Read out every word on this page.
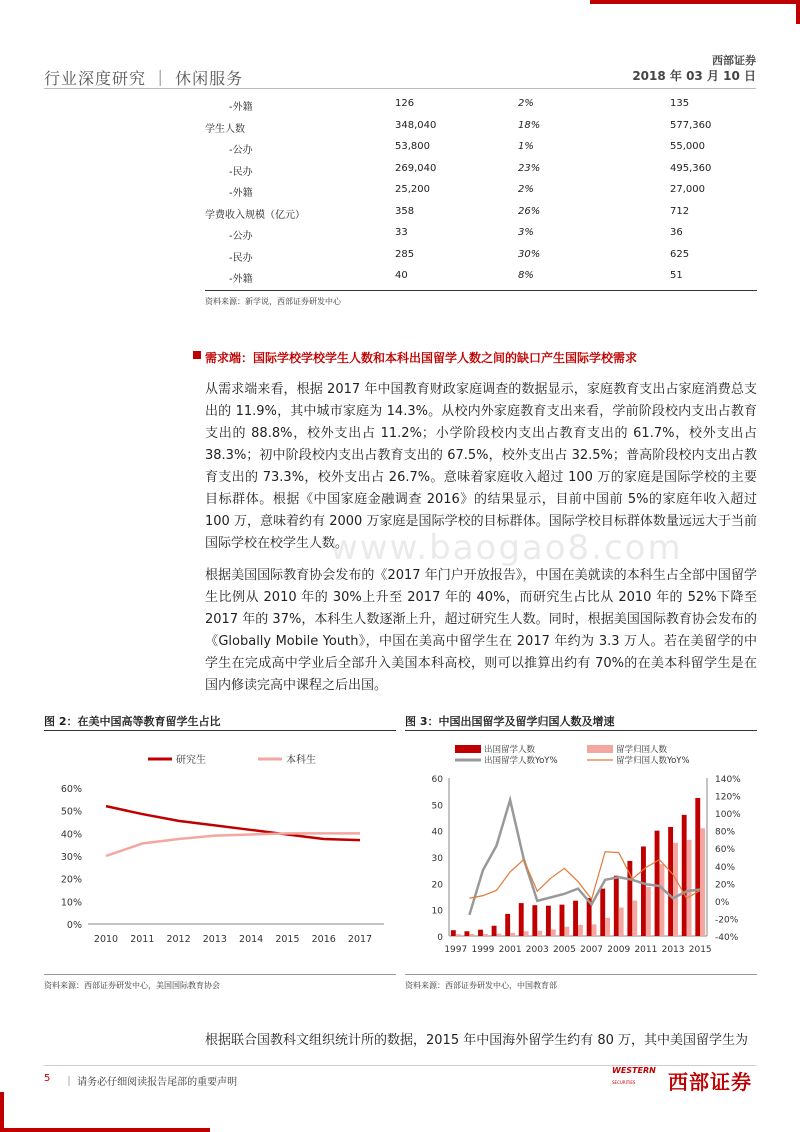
行业深度研究 ｜ 休闲服务
西部证券
2018 年 03 月 10 日
-外籍	126	2%	135
学生人数	348,040	18%	577,360
-公办	53,800	1%	55,000
-民办	269,040	23%	495,360
-外籍	25,200	2%	27,000
学费收入规模（亿元）	358	26%	712
-公办	33	3%	36
-民办	285	30%	625
-外籍	40	8%	51
资料来源：新学说，西部证券研发中心
需求端：国际学校学校学生人数和本科出国留学人数之间的缺口产生国际学校需求
从需求端来看，根据 2017 年中国教育财政家庭调查的数据显示，家庭教育支出占家庭消费总支出的 11.9%，其中城市家庭为 14.3%。从校内外家庭教育支出来看，学前阶段校内支出占教育支出的 88.8%，校外支出占 11.2%；小学阶段校内支出占教育支出的 61.7%，校外支出占 38.3%；初中阶段校内支出占教育支出的 67.5%，校外支出占 32.5%；普高阶段校内支出占教育支出的 73.3%，校外支出占 26.7%。意味着家庭收入超过 100 万的家庭是国际学校的主要目标群体。根据《中国家庭金融调查 2016》的结果显示，目前中国前 5%的家庭年收入超过 100 万，意味着约有 2000 万家庭是国际学校的目标群体。国际学校目标群体数量远远大于当前国际学校在校学生人数。
根据美国国际教育协会发布的《2017 年门户开放报告》，中国在美就读的本科生占全部中国留学生比例从 2010 年的 30%上升至 2017 年的 40%，而研究生占比从 2010 年的 52%下降至 2017 年的 37%，本科生人数逐渐上升，超过研究生人数。同时，根据美国国际教育协会发布的《Globally Mobile Youth》，中国在美高中留学生在 2017 年约为 3.3 万人。若在美留学的中学生在完成高中学业后全部升入美国本科高校，则可以推算出约有 70%的在美本科留学生是在国内修读完高中课程之后出国。
www.baogao8.com
图 2：在美中国高等教育留学生占比
研究生	本科生
0%
10%
20%
30%
40%
50%
60%
2010 2011 2012 2013 2014 2015 2016 2017
资料来源：西部证券研发中心，美国国际教育协会
图 3：中国出国留学及留学归国人数及增速
出国留学人数	留学归国人数
出国留学人数YoY%	留学归国人数YoY%
0
10
20
30
40
50
60
-40%
-20%
0%
20%
40%
60%
80%
100%
120%
140%
1997 1999 2001 2003 2005 2007 2009 2011 2013 2015
资料来源：西部证券研发中心，中国教育部
根据联合国教科文组织统计所的数据，2015 年中国海外留学生约有 80 万，其中美国留学生为
5 ｜ 请务必仔细阅读报告尾部的重要声明
WESTERN
SECURITIES 西部证券
